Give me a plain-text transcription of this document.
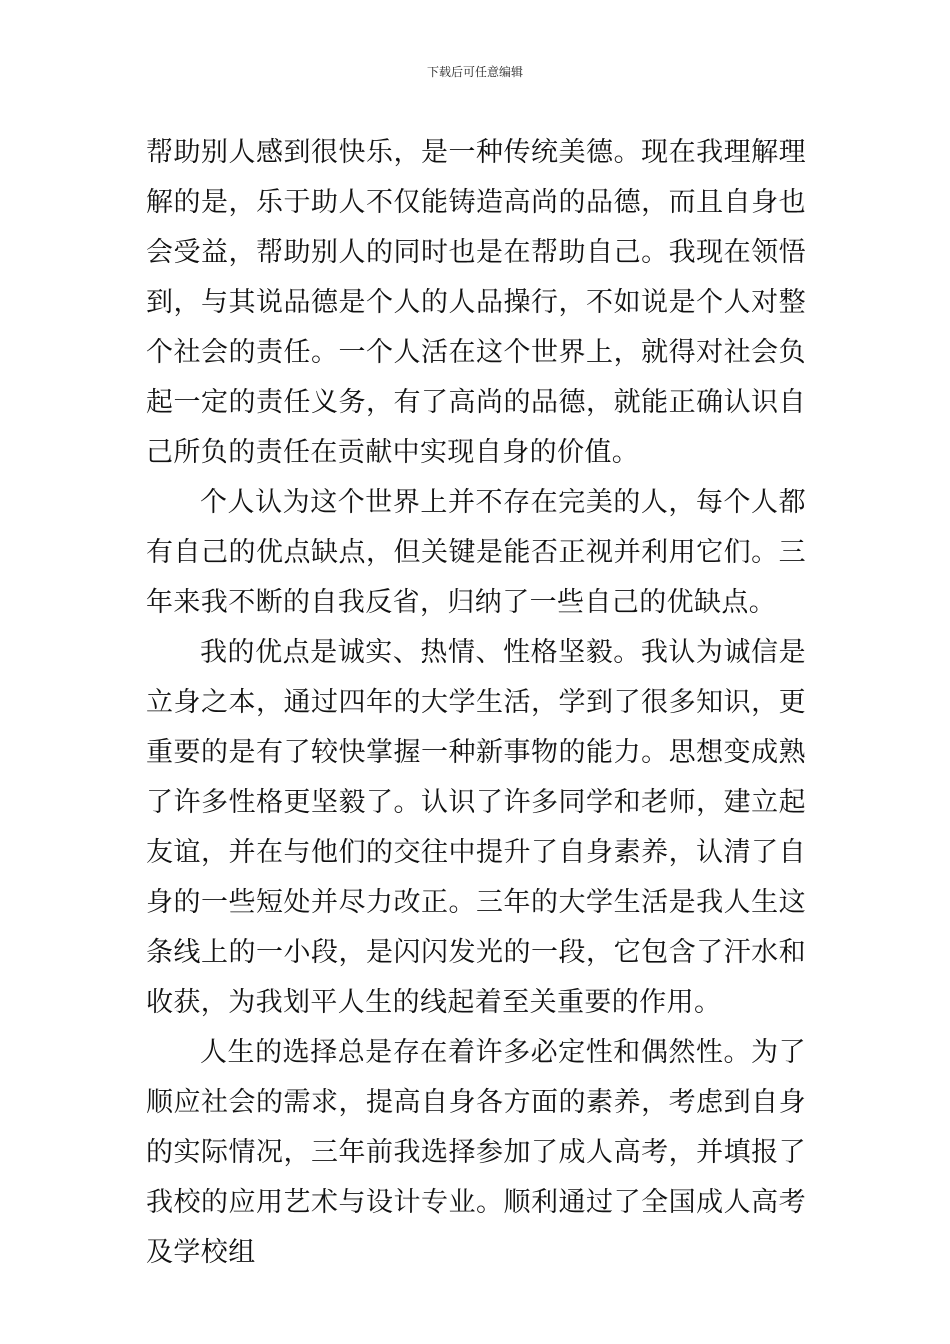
下载后可任意编辑

帮助别人感到很快乐，是一种传统美德。现在我理解理解的是，乐于助人不仅能铸造高尚的品德，而且自身也会受益，帮助别人的同时也是在帮助自己。我现在领悟到，与其说品德是个人的人品操行，不如说是个人对整个社会的责任。一个人活在这个世界上，就得对社会负起一定的责任义务，有了高尚的品德，就能正确认识自己所负的责任在贡献中实现自身的价值。

个人认为这个世界上并不存在完美的人，每个人都有自己的优点缺点，但关键是能否正视并利用它们。三年来我不断的自我反省，归纳了一些自己的优缺点。

我的优点是诚实、热情、性格坚毅。我认为诚信是立身之本，通过四年的大学生活，学到了很多知识，更重要的是有了较快掌握一种新事物的能力。思想变成熟了许多性格更坚毅了。认识了许多同学和老师，建立起友谊，并在与他们的交往中提升了自身素养，认清了自身的一些短处并尽力改正。三年的大学生活是我人生这条线上的一小段，是闪闪发光的一段，它包含了汗水和收获，为我划平人生的线起着至关重要的作用。

人生的选择总是存在着许多必定性和偶然性。为了顺应社会的需求，提高自身各方面的素养，考虑到自身的实际情况，三年前我选择参加了成人高考，并填报了我校的应用艺术与设计专业。顺利通过了全国成人高考及学校组
